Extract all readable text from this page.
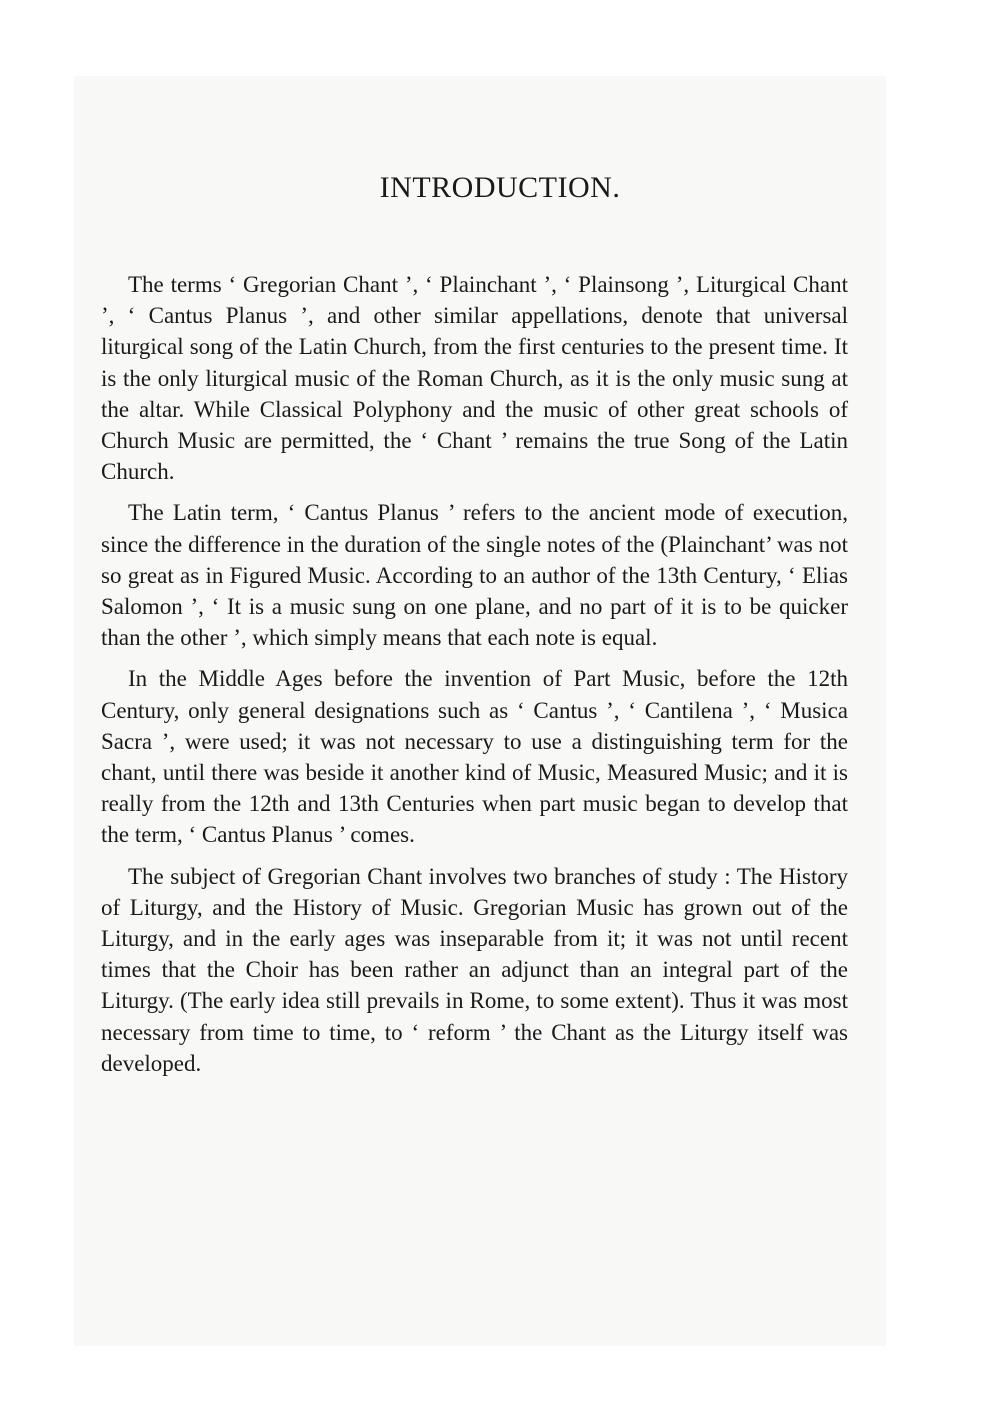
INTRODUCTION.

The terms ‘ Gregorian Chant ’, ‘ Plainchant ’, ‘ Plainsong ’, Liturgical Chant ’, ‘ Cantus Planus ’, and other similar appellations, denote that universal liturgical song of the Latin Church, from the first centuries to the present time. It is the only liturgical music of the Roman Church, as it is the only music sung at the altar. While Classical Polyphony and the music of other great schools of Church Music are permitted, the ‘ Chant ’ remains the true Song of the Latin Church.

The Latin term, ‘ Cantus Planus ’ refers to the ancient mode of execution, since the difference in the duration of the single notes of the (Plainchant’ was not so great as in Figured Music. According to an author of the 13th Century, ‘ Elias Salomon ’, ‘ It is a music sung on one plane, and no part of it is to be quicker than the other ’, which simply means that each note is equal.

In the Middle Ages before the invention of Part Music, before the 12th Century, only general designations such as ‘ Cantus ’, ‘ Cantilena ’, ‘ Musica Sacra ’, were used; it was not necessary to use a distinguishing term for the chant, until there was beside it another kind of Music, Measured Music; and it is really from the 12th and 13th Centuries when part music began to develop that the term, ‘ Cantus Planus ’ comes.

The subject of Gregorian Chant involves two branches of study : The History of Liturgy, and the History of Music. Gregorian Music has grown out of the Liturgy, and in the early ages was inseparable from it; it was not until recent times that the Choir has been rather an adjunct than an integral part of the Liturgy. (The early idea still prevails in Rome, to some extent). Thus it was most necessary from time to time, to ‘ reform ’ the Chant as the Liturgy itself was developed.
